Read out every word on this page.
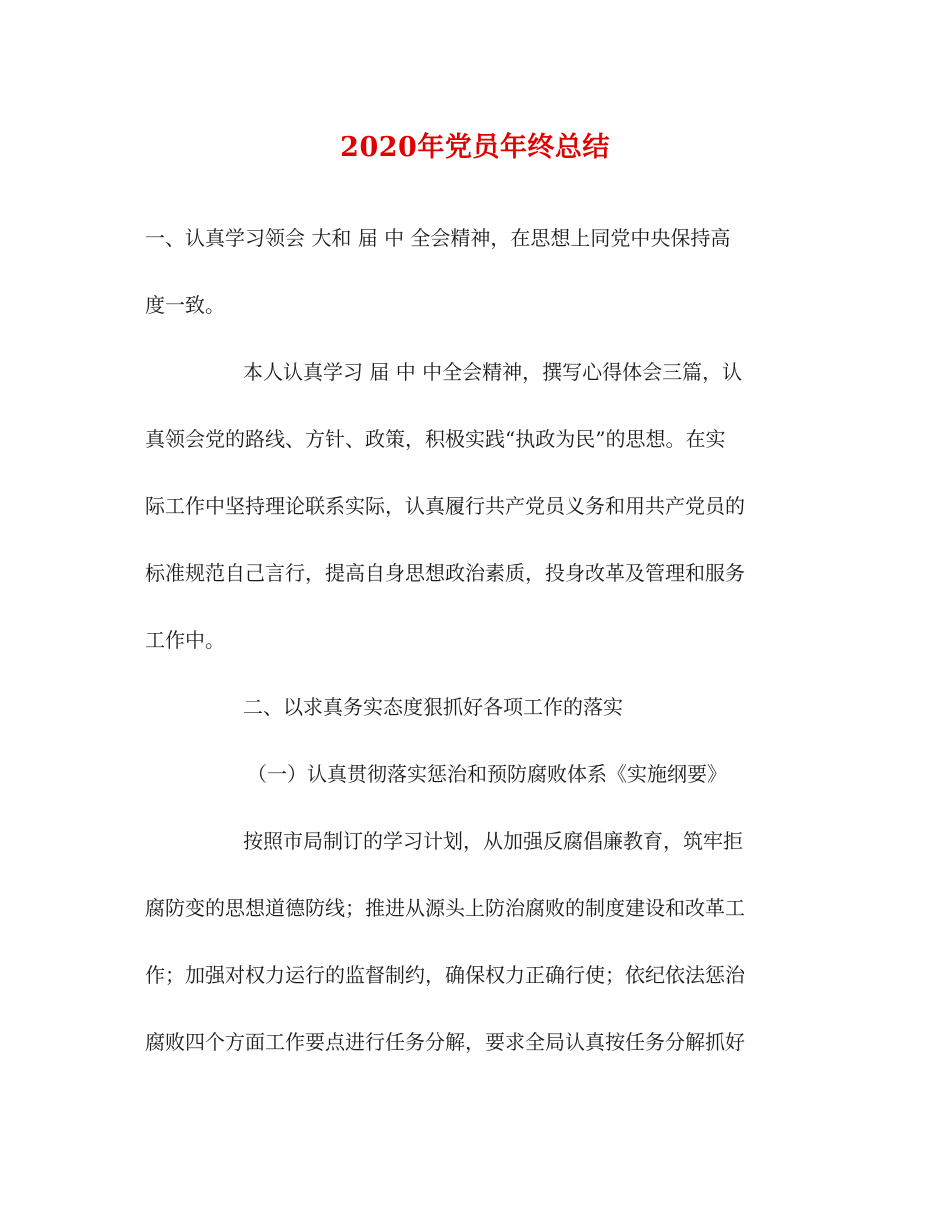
2020年党员年终总结
一、认真学习领会 大和 届 中 全会精神，在思想上同党中央保持高
度一致。
本人认真学习 届 中 中全会精神，撰写心得体会三篇，认
真领会党的路线、方针、政策，积极实践“执政为民”的思想。在实
际工作中坚持理论联系实际，认真履行共产党员义务和用共产党员的
标准规范自己言行，提高自身思想政治素质，投身改革及管理和服务
工作中。
二、以求真务实态度狠抓好各项工作的落实
（一）认真贯彻落实惩治和预防腐败体系《实施纲要》
按照市局制订的学习计划，从加强反腐倡廉教育，筑牢拒
腐防变的思想道德防线；推进从源头上防治腐败的制度建设和改革工
作；加强对权力运行的监督制约，确保权力正确行使；依纪依法惩治
腐败四个方面工作要点进行任务分解，要求全局认真按任务分解抓好
